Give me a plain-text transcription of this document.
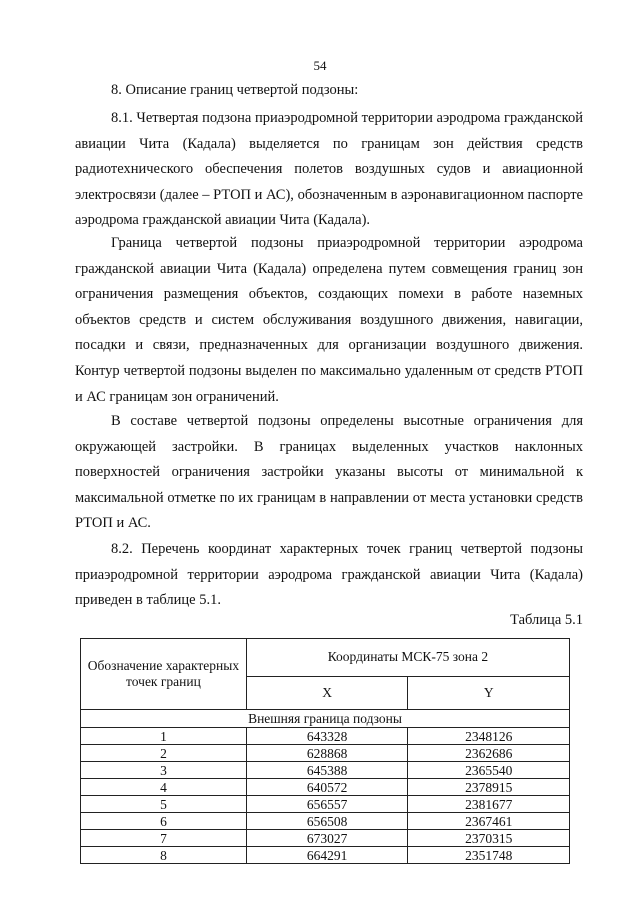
54
8. Описание границ четвертой подзоны:

8.1. Четвертая подзона приаэродромной территории аэродрома гражданской авиации Чита (Кадала) выделяется по границам зон действия средств радиотехнического обеспечения полетов воздушных судов и авиационной электросвязи (далее – РТОП и АС), обозначенным в аэронавигационном паспорте аэродрома гражданской авиации Чита (Кадала).

Граница четвертой подзоны приаэродромной территории аэродрома гражданской авиации Чита (Кадала) определена путем совмещения границ зон ограничения размещения объектов, создающих помехи в работе наземных объектов средств и систем обслуживания воздушного движения, навигации, посадки и связи, предназначенных для организации воздушного движения. Контур четвертой подзоны выделен по максимально удаленным от средств РТОП и АС границам зон ограничений.

В составе четвертой подзоны определены высотные ограничения для окружающей застройки. В границах выделенных участков наклонных поверхностей ограничения застройки указаны высоты от минимальной к максимальной отметке по их границам в направлении от места установки средств РТОП и АС.

8.2. Перечень координат характерных точек границ четвертой подзоны приаэродромной территории аэродрома гражданской авиации Чита (Кадала) приведен в таблице 5.1.

Таблица 5.1
Обозначение характерных точек границ	Координаты МСК-75 зона 2	
	X	Y
Внешняя граница подзоны		
1	643328	2348126
2	628868	2362686
3	645388	2365540
4	640572	2378915
5	656557	2381677
6	656508	2367461
7	673027	2370315
8	664291	2351748
